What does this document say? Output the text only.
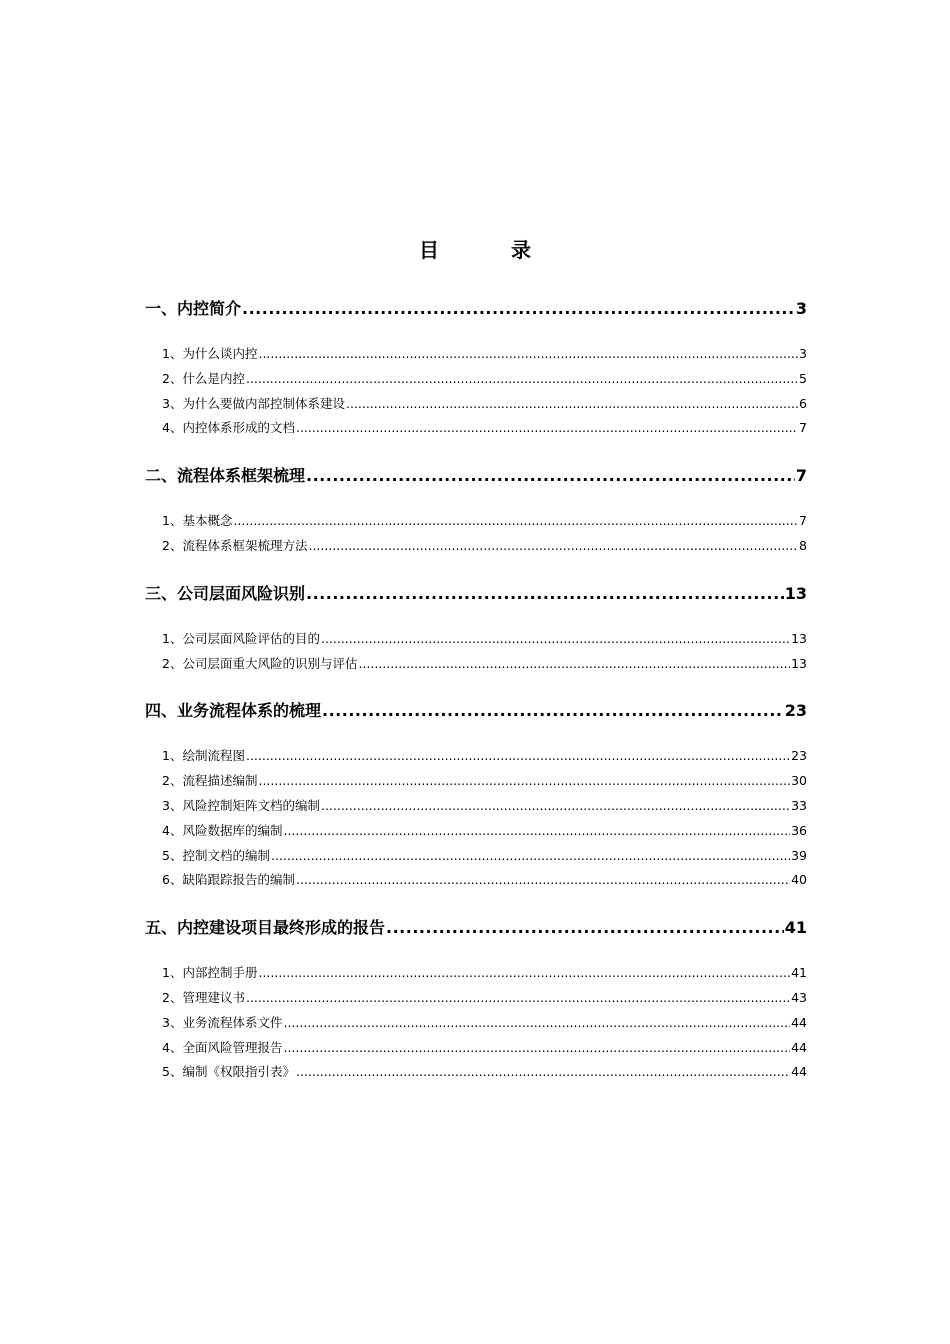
目　录
一、内控简介 .....	3
1、为什么谈内控 .....	3
2、什么是内控 .....	5
3、为什么要做内部控制体系建设 .....	6
4、内控体系形成的文档 .....	7
二、流程体系框架梳理 .....	7
1、基本概念 .....	7
2、流程体系框架梳理方法 .....	8
三、公司层面风险识别 .....	13
1、公司层面风险评估的目的 .....	13
2、公司层面重大风险的识别与评估 .....	13
四、业务流程体系的梳理 .....	23
1、绘制流程图 .....	23
2、流程描述编制 .....	30
3、风险控制矩阵文档的编制 .....	33
4、风险数据库的编制 .....	36
5、控制文档的编制 .....	39
6、缺陷跟踪报告的编制 .....	40
五、内控建设项目最终形成的报告 .....	41
1、内部控制手册 .....	41
2、管理建议书 .....	43
3、业务流程体系文件 .....	44
4、全面风险管理报告 .....	44
5、编制《权限指引表》 .....	44
